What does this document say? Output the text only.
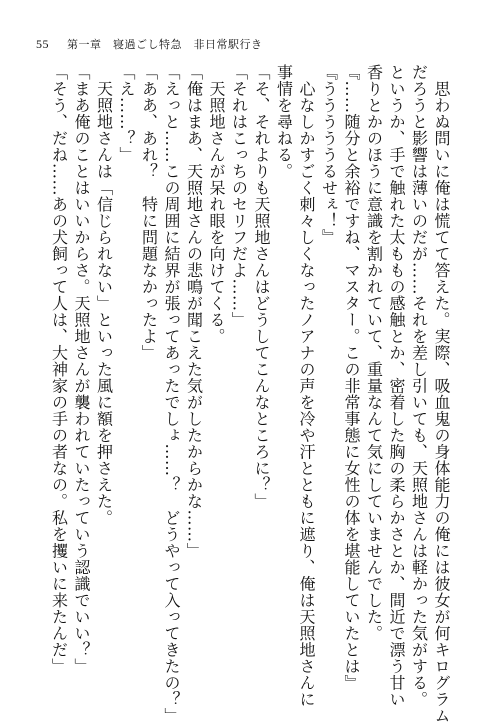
55 第一章　寝過ごし特急　非日常駅行き

　思わぬ問いに俺は慌てて答えた。実際、吸血鬼の身体能力の俺には彼女が何キログラム

だろうと影響は薄いのだが……それを差し引いても、天照地さんは軽かった気がする。

というか、手で触れた太ももの感触とか、密着した胸の柔らかさとか、間近で漂う甘い

香りとかのほうに意識を割かれていて、重量なんて気にしていませんでした。

『……随分と余裕ですね、マスター。この非常事態に女性の体を堪能していたとは』

『うううううるせぇ！』

　心なしかすごく刺々しくなったノアナの声を冷や汗とともに遮り、俺は天照地さんに

事情を尋ねる。

「そ、それよりも天照地さんはどうしてこんなところに？」

「それはこっちのセリフだよ……」

　天照地さんが呆れ眼を向けてくる。

「俺はまあ、天照地さんの悲鳴が聞こえた気がしたからかな……」

「えっと……この周囲に結界が張ってあったでしょ……？　どうやって入ってきたの？」

「ああ、あれ？　特に問題なかったよ」

「え……？」

　天照地さんは「信じられない」といった風に額を押さえた。

「まあ俺のことはいいからさ。天照地さんが襲われていたっていう認識でいい？」

「そう、だね……あの犬飼って人は、大神家の手の者なの。私を攫いに来たんだ」
